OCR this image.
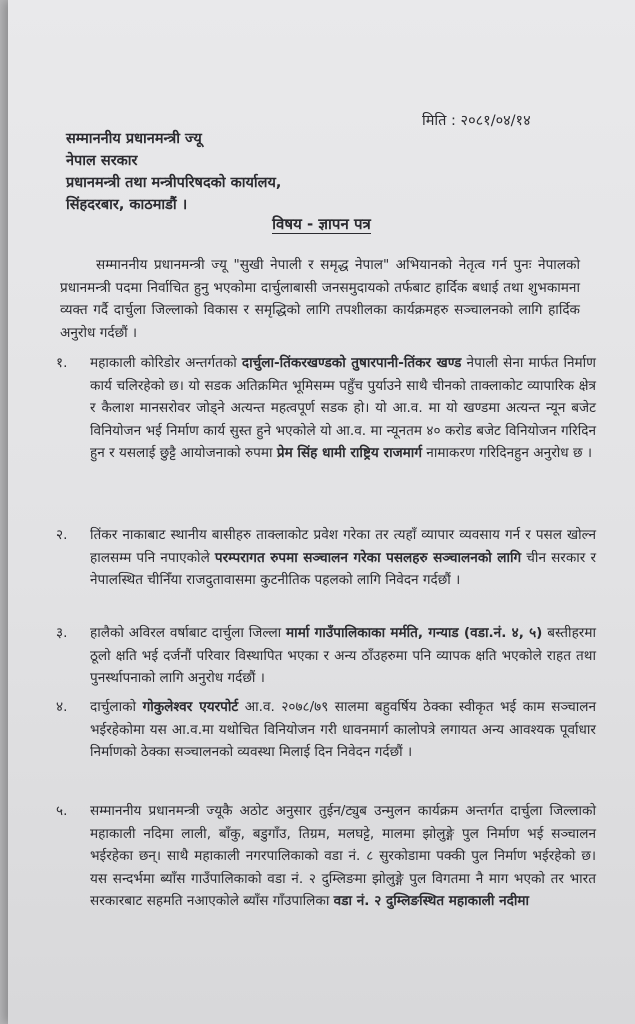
मिति : २०८१/०४/१४
सम्माननीय प्रधानमन्त्री ज्यू
नेपाल सरकार
प्रधानमन्त्री तथा मन्त्रीपरिषदको कार्यालय,
सिंहदरबार, काठमाडौं ।
विषय - ज्ञापन पत्र
सम्माननीय प्रधानमन्त्री ज्यू "सुखी नेपाली र समृद्ध नेपाल" अभियानको नेतृत्व गर्न पुनः नेपालको प्रधानमन्त्री पदमा निर्वाचित हुनु भएकोमा दार्चुलाबासी जनसमुदायको तर्फबाट हार्दिक बधाई तथा शुभकामना व्यक्त गर्दै दार्चुला जिल्लाको विकास र समृद्धिको लागि तपशीलका कार्यक्रमहरु सञ्चालनको लागि हार्दिक अनुरोध गर्दछौं ।
१.	महाकाली कोरिडोर अन्तर्गतको दार्चुला-तिंकरखण्डको तुषारपानी-तिंकर खण्ड नेपाली सेना मार्फत निर्माण कार्य चलिरहेको छ। यो सडक अतिक्रमित भूमिसम्म पहुँच पुर्याउने साथै चीनको ताक्लाकोट व्यापारिक क्षेत्र र कैलाश मानसरोवर जोड्ने अत्यन्त महत्वपूर्ण सडक हो। यो आ.व. मा यो खण्डमा अत्यन्त न्यून बजेट विनियोजन भई निर्माण कार्य सुस्त हुने भएकोले यो आ.व. मा न्यूनतम ४० करोड बजेट विनियोजन गरिदिन हुन र यसलाई छुट्टै आयोजनाको रुपमा प्रेम सिंह धामी राष्ट्रिय राजमार्ग नामाकरण गरिदिनहुन अनुरोध छ ।
२.	तिंकर नाकाबाट स्थानीय बासीहरु ताक्लाकोट प्रवेश गरेका तर त्यहाँ व्यापार व्यवसाय गर्न र पसल खोल्न हालसम्म पनि नपाएकोले परम्परागत रुपमा सञ्चालन गरेका पसलहरु सञ्चालनको लागि चीन सरकार र नेपालस्थित चीनिँया राजदुतावासमा कुटनीतिक पहलको लागि निवेदन गर्दछौं ।
३.	हालैको अविरल वर्षाबाट दार्चुला जिल्ला मार्मा गाउँपालिकाका मर्मति, गन्याड (वडा.नं. ४, ५) बस्तीहरमा ठूलो क्षति भई दर्जनौं परिवार विस्थापित भएका र अन्य ठाँउहरुमा पनि व्यापक क्षति भएकोले राहत तथा पुनर्स्थापनाको लागि अनुरोध गर्दछौं ।
४.	दार्चुलाको गोकुलेश्वर एयरपोर्ट आ.व. २०७८/७९ सालमा बहुवर्षिय ठेक्का स्वीकृत भई काम सञ्चालन भईरहेकोमा यस आ.व.मा यथोचित विनियोजन गरी धावनमार्ग कालोपत्रे लगायत अन्य आवश्यक पूर्वाधार निर्माणको ठेक्का सञ्चालनको व्यवस्था मिलाई दिन निवेदन गर्दछौं ।
५.	सम्माननीय प्रधानमन्त्री ज्यूकै अठोट अनुसार तुईन/ट्युब उन्मुलन कार्यक्रम अन्तर्गत दार्चुला जिल्लाको महाकाली नदिमा लाली, बाँकु, बडुगाँउ, तिग्रम, मलघट्टे, मालमा झोलुङ्गे पुल निर्माण भई सञ्चालन भईरहेका छन्। साथै महाकाली नगरपालिकाको वडा नं. ८ सुरकोडामा पक्की पुल निर्माण भईरहेको छ। यस सन्दर्भमा ब्याँस गाउँपालिकाको वडा नं. २ दुम्लिङमा झोलुङ्गे पुल विगतमा नै माग भएको तर भारत सरकारबाट सहमति नआएकोले ब्याँस गाँउपालिका वडा नं. २ दुम्लिङस्थित महाकाली नदीमा
